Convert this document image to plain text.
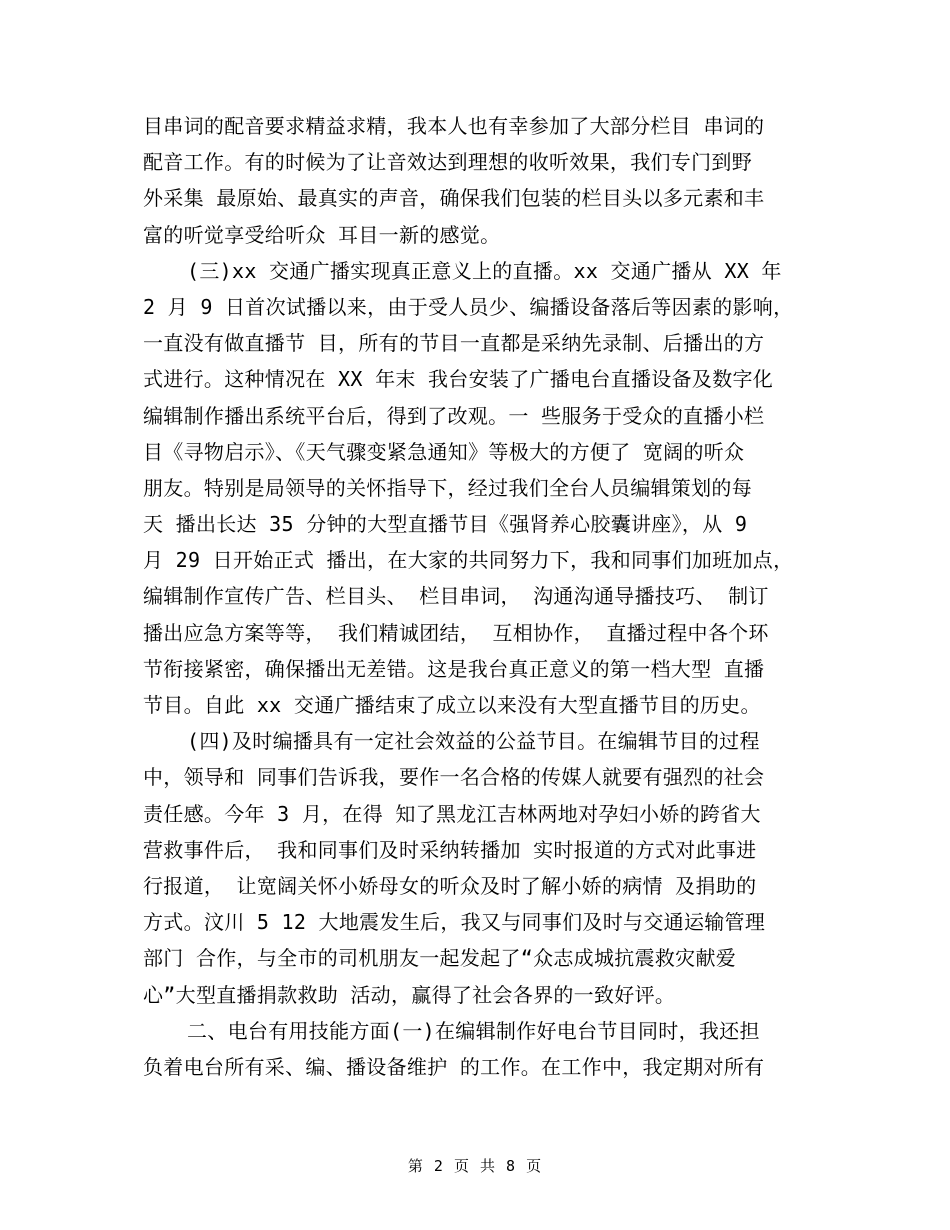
目串词的配音要求精益求精，我本人也有幸参加了大部分栏目 串词的
配音工作。有的时候为了让音效达到理想的收听效果，我们专门到野
外采集 最原始、最真实的声音，确保我们包装的栏目头以多元素和丰
富的听觉享受给听众 耳目一新的感觉。
(三)xx 交通广播实现真正意义上的直播。xx 交通广播从 XX 年
2 月 9 日首次试播以来，由于受人员少、编播设备落后等因素的影响，
一直没有做直播节 目，所有的节目一直都是采纳先录制、后播出的方
式进行。这种情况在 XX 年末 我台安装了广播电台直播设备及数字化
编辑制作播出系统平台后，得到了改观。一 些服务于受众的直播小栏
目《寻物启示》、《天气骤变紧急通知》等极大的方便了 宽阔的听众
朋友。特别是局领导的关怀指导下，经过我们全台人员编辑策划的每
天 播出长达 35 分钟的大型直播节目《强肾养心胶囊讲座》，从 9
月 29 日开始正式 播出，在大家的共同努力下，我和同事们加班加点，
编辑制作宣传广告、栏目头、 栏目串词， 沟通沟通导播技巧、 制订
播出应急方案等等， 我们精诚团结， 互相协作， 直播过程中各个环
节衔接紧密，确保播出无差错。这是我台真正意义的第一档大型 直播
节目。自此 xx 交通广播结束了成立以来没有大型直播节目的历史。
(四)及时编播具有一定社会效益的公益节目。在编辑节目的过程
中，领导和 同事们告诉我，要作一名合格的传媒人就要有强烈的社会
责任感。今年 3 月，在得 知了黑龙江吉林两地对孕妇小娇的跨省大
营救事件后， 我和同事们及时采纳转播加 实时报道的方式对此事进
行报道， 让宽阔关怀小娇母女的听众及时了解小娇的病情 及捐助的
方式。汶川 5 12 大地震发生后，我又与同事们及时与交通运输管理
部门 合作，与全市的司机朋友一起发起了“众志成城抗震救灾献爱
心”大型直播捐款救助 活动，赢得了社会各界的一致好评。
二、电台有用技能方面(一)在编辑制作好电台节目同时，我还担
负着电台所有采、编、播设备维护 的工作。在工作中，我定期对所有
第 2 页 共 8 页
